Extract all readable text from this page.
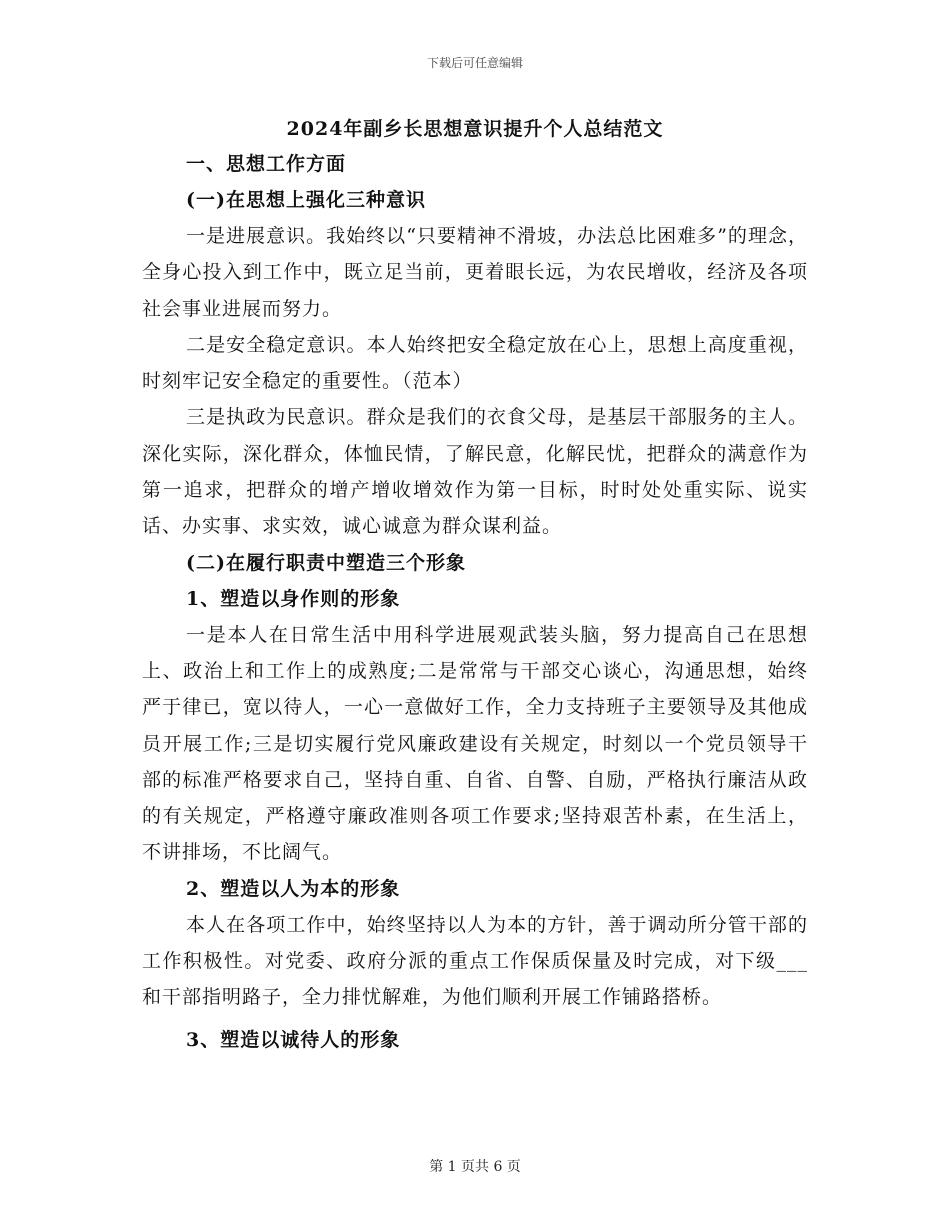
下载后可任意编辑
2024年副乡长思想意识提升个人总结范文
一、思想工作方面
(一)在思想上强化三种意识

一是进展意识。我始终以“只要精神不滑坡，办法总比困难多”的理念，全身心投入到工作中，既立足当前，更着眼长远，为农民增收，经济及各项社会事业进展而努力。

二是安全稳定意识。本人始终把安全稳定放在心上，思想上高度重视，时刻牢记安全稳定的重要性。（范本）

三是执政为民意识。群众是我们的衣食父母，是基层干部服务的主人。深化实际，深化群众，体恤民情，了解民意，化解民忧，把群众的满意作为第一追求，把群众的增产增收增效作为第一目标，时时处处重实际、说实话、办实事、求实效，诚心诚意为群众谋利益。

(二)在履行职责中塑造三个形象
1、塑造以身作则的形象

一是本人在日常生活中用科学进展观武装头脑，努力提高自己在思想上、政治上和工作上的成熟度;二是常常与干部交心谈心，沟通思想，始终严于律已，宽以待人，一心一意做好工作，全力支持班子主要领导及其他成员开展工作;三是切实履行党风廉政建设有关规定，时刻以一个党员领导干部的标准严格要求自己，坚持自重、自省、自警、自励，严格执行廉洁从政的有关规定，严格遵守廉政准则各项工作要求;坚持艰苦朴素，在生活上，不讲排场，不比阔气。

2、塑造以人为本的形象

本人在各项工作中，始终坚持以人为本的方针，善于调动所分管干部的工作积极性。对党委、政府分派的重点工作保质保量及时完成，对下级___和干部指明路子，全力排忧解难，为他们顺利开展工作铺路搭桥。

3、塑造以诚待人的形象
第 1 页共 6 页
